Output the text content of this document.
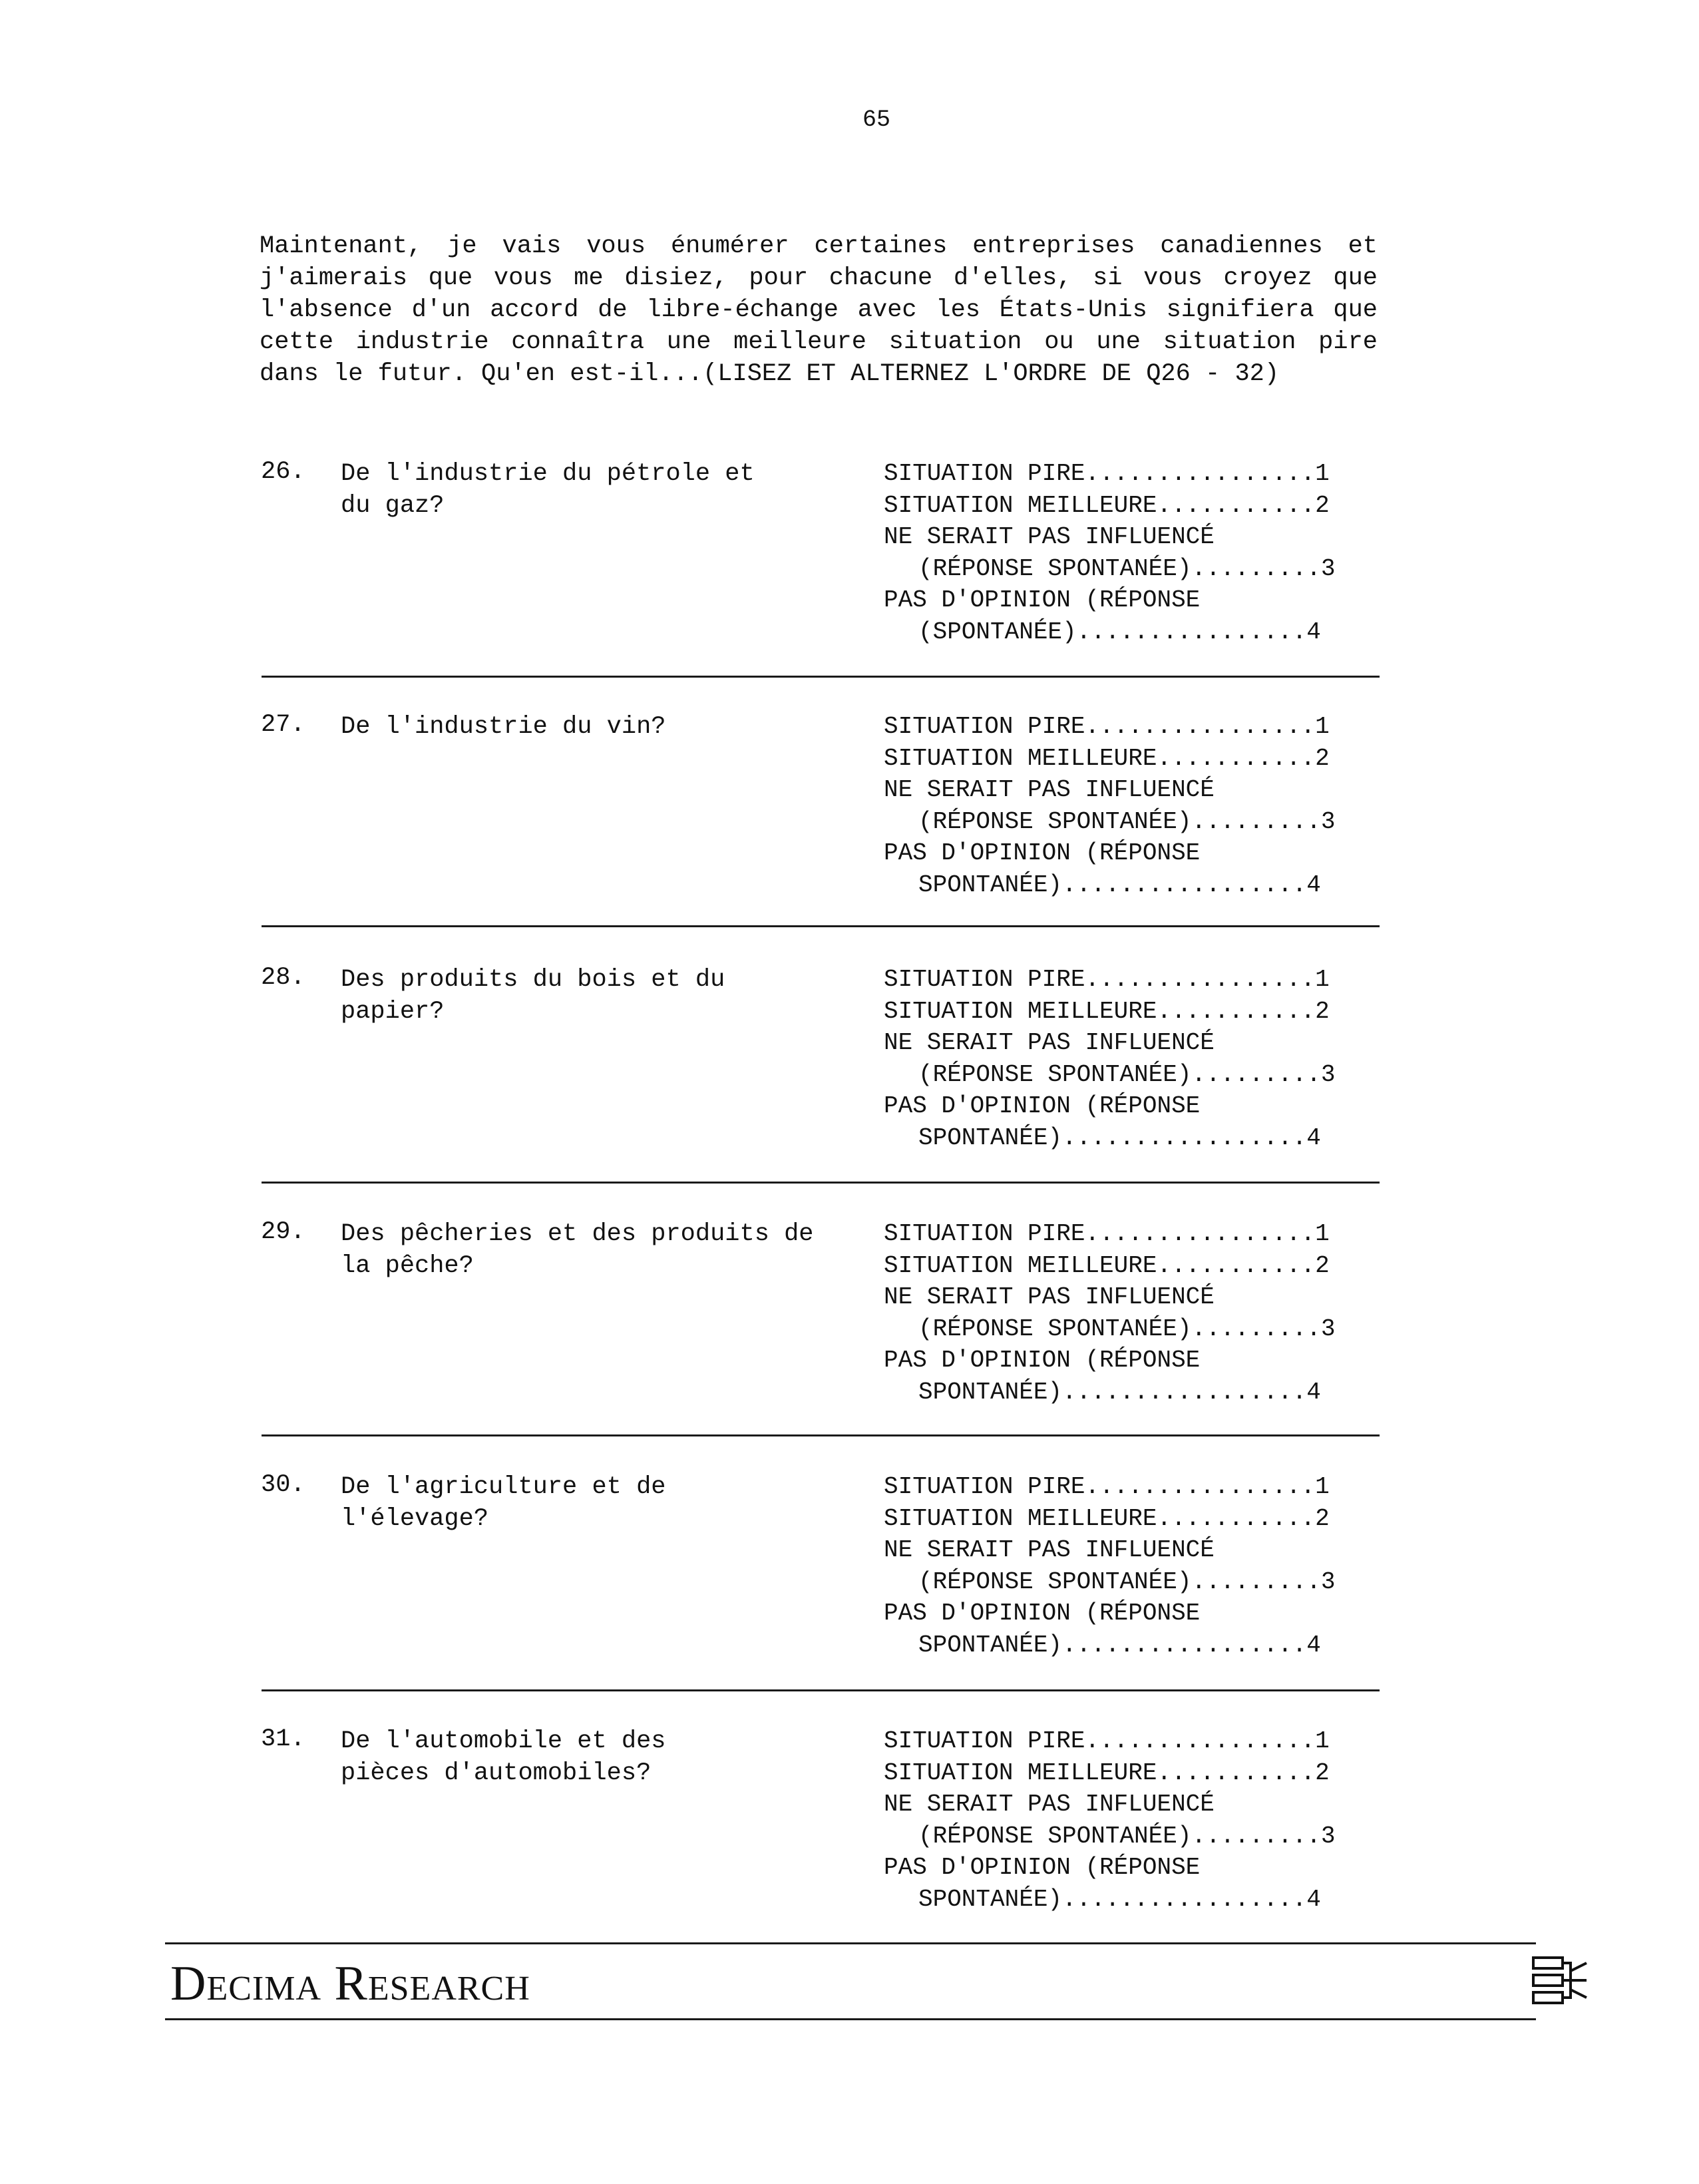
65
Maintenant, je vais vous énumérer certaines entreprises canadiennes et j'aimerais que vous me disiez, pour chacune d'elles, si vous croyez que l'absence d'un accord de libre-échange avec les États-Unis signifiera que cette industrie connaîtra une meilleure situation ou une situation pire dans le futur. Qu'en est-il...(LISEZ ET ALTERNEZ L'ORDRE DE Q26 - 32)
26. De l'industrie du pétrole et du gaz?
SITUATION PIRE................1
SITUATION MEILLEURE...........2
NE SERAIT PAS INFLUENCÉ
(RÉPONSE SPONTANÉE).........3
PAS D'OPINION (RÉPONSE
(SPONTANÉE)................4
27. De l'industrie du vin?	SITUATION PIRE................1
SITUATION MEILLEURE...........2
NE SERAIT PAS INFLUENCÉ
(RÉPONSE SPONTANÉE).........3
PAS D'OPINION (RÉPONSE
SPONTANÉE).................4
28. Des produits du bois et du papier?
SITUATION PIRE................1
SITUATION MEILLEURE...........2
NE SERAIT PAS INFLUENCÉ
(RÉPONSE SPONTANÉE).........3
PAS D'OPINION (RÉPONSE
SPONTANÉE).................4
29. Des pêcheries et des produits de la pêche?
SITUATION PIRE................1
SITUATION MEILLEURE...........2
NE SERAIT PAS INFLUENCÉ
(RÉPONSE SPONTANÉE).........3
PAS D'OPINION (RÉPONSE
SPONTANÉE).................4
30. De l'agriculture et de l'élevage?
SITUATION PIRE................1
SITUATION MEILLEURE...........2
NE SERAIT PAS INFLUENCÉ
(RÉPONSE SPONTANÉE).........3
PAS D'OPINION (RÉPONSE
SPONTANÉE).................4
31. De l'automobile et des pièces d'automobiles?
SITUATION PIRE................1
SITUATION MEILLEURE...........2
NE SERAIT PAS INFLUENCÉ
(RÉPONSE SPONTANÉE).........3
PAS D'OPINION (RÉPONSE
SPONTANÉE).................4
DECIMA RESEARCH
